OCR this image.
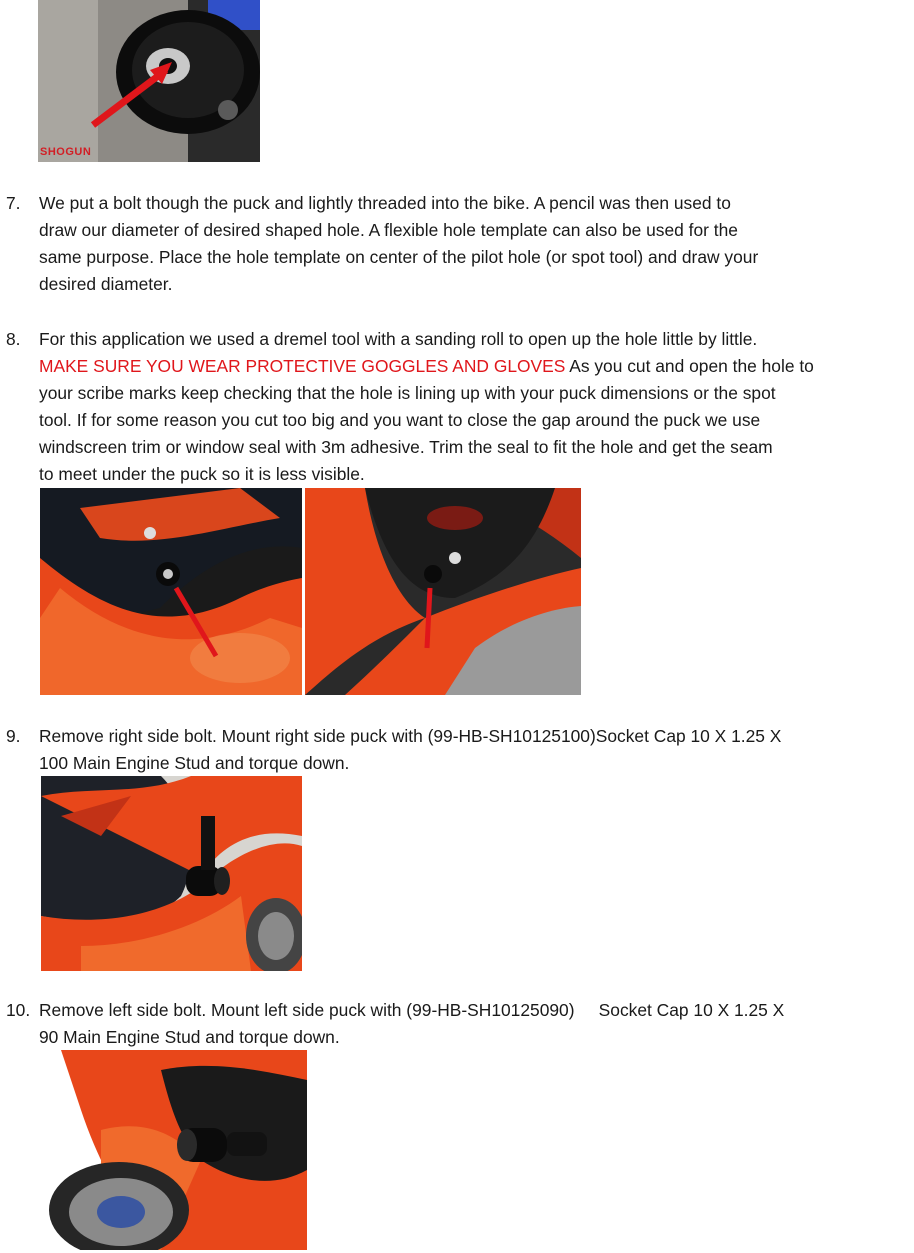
SHOGUN
7. We put a bolt though the puck and lightly threaded into the bike. A pencil was then used to
draw our diameter of desired shaped hole. A flexible hole template can also be used for the
same purpose. Place the hole template on center of the pilot hole (or spot tool) and draw your
desired diameter.
8. For this application we used a dremel tool with a sanding roll to open up the hole little by little.
MAKE SURE YOU WEAR PROTECTIVE GOGGLES AND GLOVES As you cut and open the hole to
your scribe marks keep checking that the hole is lining up with your puck dimensions or the spot
tool. If for some reason you cut too big and you want to close the gap around the puck we use
windscreen trim or window seal with 3m adhesive. Trim the seal to fit the hole and get the seam
to meet under the puck so it is less visible.
9. Remove right side bolt. Mount right side puck with (99-HB-SH10125100)Socket Cap 10 X 1.25 X
100 Main Engine Stud and torque down.
10. Remove left side bolt. Mount left side puck with (99-HB-SH10125090)     Socket Cap 10 X 1.25 X
90 Main Engine Stud and torque down.
